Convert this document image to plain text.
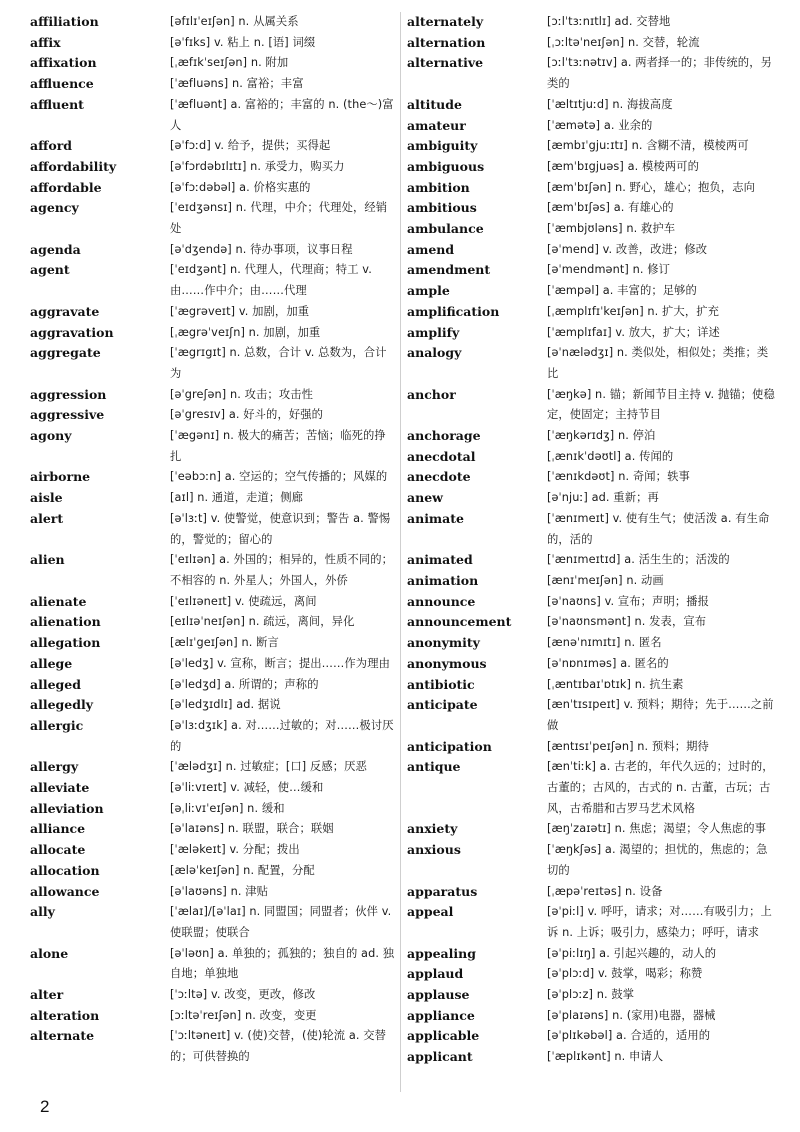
affiliation	[əfɪlɪˈeɪʃən] n. 从属关系
affix	[əˈfɪks] v. 粘上 n. [语] 词缀
affixation	[ˌæfɪkˈseɪʃən] n. 附加
affluence	[ˈæfluəns] n. 富裕；丰富
affluent	[ˈæfluənt] a. 富裕的；丰富的 n. (the～)富人
afford	[əˈfɔːd] v. 给予，提供；买得起
affordability	[əˈfɔrdəbɪlɪtɪ] n. 承受力，购买力
affordable	[əˈfɔːdəbəl] a. 价格实惠的
agency	[ˈeɪdʒənsɪ] n. 代理，中介；代理处，经销处
agenda	[əˈdʒendə] n. 待办事项，议事日程
agent	[ˈeɪdʒənt] n. 代理人，代理商；特工 v. 由……作中介；由……代理
aggravate	[ˈægrəveɪt] v. 加剧，加重
aggravation	[ˌægrəˈveɪʃn] n. 加剧，加重
aggregate	[ˈægrɪgɪt] n. 总数，合计 v. 总数为，合计为
aggression	[əˈgreʃən] n. 攻击；攻击性
aggressive	[əˈgresɪv] a. 好斗的，好强的
agony	[ˈægənɪ] n. 极大的痛苦；苦恼；临死的挣扎
airborne	[ˈeəbɔːn] a. 空运的；空气传播的；风媒的
aisle	[aɪl] n. 通道，走道；侧廊
alert	[əˈlɜːt] v. 使警觉，使意识到；警告 a. 警惕的，警觉的；留心的
alien	[ˈeɪlɪən] a. 外国的；相异的，性质不同的；不相容的 n. 外星人；外国人，外侨
alienate	[ˈeɪlɪəneɪt] v. 使疏远，离间
alienation	[eɪlɪəˈneɪʃən] n. 疏远，离间，异化
allegation	[ælɪˈgeɪʃən] n. 断言
allege	[əˈledʒ] v. 宣称，断言；提出……作为理由
alleged	[əˈledʒd] a. 所谓的；声称的
allegedly	[əˈledʒɪdlɪ] ad. 据说
allergic	[əˈlɜːdʒɪk] a. 对……过敏的；对……极讨厌的
allergy	[ˈælədʒɪ] n. 过敏症；[口] 反感；厌恶
alleviate	[əˈliːvɪeɪt] v. 减轻，使…缓和
alleviation	[əˌliːvɪˈeɪʃən] n. 缓和
alliance	[əˈlaɪəns] n. 联盟，联合；联姻
allocate	[ˈæləkeɪt] v. 分配；拨出
allocation	[æləˈkeɪʃən] n. 配置，分配
allowance	[əˈlaʊəns] n. 津贴
ally	[ˈælaɪ]/[əˈlaɪ] n. 同盟国；同盟者；伙伴 v. 使联盟；使联合
alone	[əˈləʊn] a. 单独的；孤独的；独自的 ad. 独自地；单独地
alter	[ˈɔːltə] v. 改变，更改，修改
alteration	[ɔːltəˈreɪʃən] n. 改变，变更
alternate	[ˈɔːltəneɪt] v. (使)交替，(使)轮流 a. 交替的；可供替换的
alternately	[ɔːlˈtɜːnɪtlɪ] ad. 交替地
alternation	[ˌɔːltəˈneɪʃən] n. 交替，轮流
alternative	[ɔːlˈtɜːnətɪv] a. 两者择一的；非传统的，另类的
altitude	[ˈæltɪtjuːd] n. 海拔高度
amateur	[ˈæmətə] a. 业余的
ambiguity	[æmbɪˈgjuːɪtɪ] n. 含糊不清，模棱两可
ambiguous	[æmˈbɪgjuəs] a. 模棱两可的
ambition	[æmˈbɪʃən] n. 野心，雄心；抱负，志向
ambitious	[æmˈbɪʃəs] a. 有雄心的
ambulance	[ˈæmbjʊləns] n. 救护车
amend	[əˈmend] v. 改善，改进；修改
amendment	[əˈmendmənt] n. 修订
ample	[ˈæmpəl] a. 丰富的；足够的
amplification	[ˌæmplɪfɪˈkeɪʃən] n. 扩大，扩充
amplify	[ˈæmplɪfaɪ] v. 放大，扩大；详述
analogy	[əˈnælədʒɪ] n. 类似处，相似处；类推；类比
anchor	[ˈæŋkə] n. 锚；新闻节目主持 v. 抛锚；使稳定，使固定；主持节目
anchorage	[ˈæŋkərɪdʒ] n. 停泊
anecdotal	[ˌænɪkˈdəʊtl] a. 传闻的
anecdote	[ˈænɪkdəʊt] n. 奇闻；轶事
anew	[əˈnjuː] ad. 重新；再
animate	[ˈænɪmeɪt] v. 使有生气；使活泼 a. 有生命的，活的
animated	[ˈænɪmeɪtɪd] a. 活生生的；活泼的
animation	[ænɪˈmeɪʃən] n. 动画
announce	[əˈnaʊns] v. 宣布；声明；播报
announcement	[əˈnaʊnsmənt] n. 发表，宣布
anonymity	[ænəˈnɪmɪtɪ] n. 匿名
anonymous	[əˈnɒnɪməs] a. 匿名的
antibiotic	[ˌæntɪbaɪˈɒtɪk] n. 抗生素
anticipate	[ænˈtɪsɪpeɪt] v. 预料；期待；先于……之前做
anticipation	[æntɪsɪˈpeɪʃən] n. 预料；期待
antique	[ænˈtiːk] a. 古老的，年代久远的；过时的，古董的；古风的，古式的 n. 古董，古玩；古风，古希腊和古罗马艺术风格
anxiety	[æŋˈzaɪətɪ] n. 焦虑；渴望；令人焦虑的事
anxious	[ˈæŋkʃəs] a. 渴望的；担忧的，焦虑的；急切的
apparatus	[ˌæpəˈreɪtəs] n. 设备
appeal	[əˈpiːl] v. 呼吁，请求；对……有吸引力；上诉 n. 上诉；吸引力，感染力；呼吁，请求
appealing	[əˈpiːlɪŋ] a. 引起兴趣的，动人的
applaud	[əˈplɔːd] v. 鼓掌，喝彩；称赞
applause	[əˈplɔːz] n. 鼓掌
appliance	[əˈplaɪəns] n. (家用)电器，器械
applicable	[əˈplɪkəbəl] a. 合适的，适用的
applicant	[ˈæplɪkənt] n. 申请人
2
